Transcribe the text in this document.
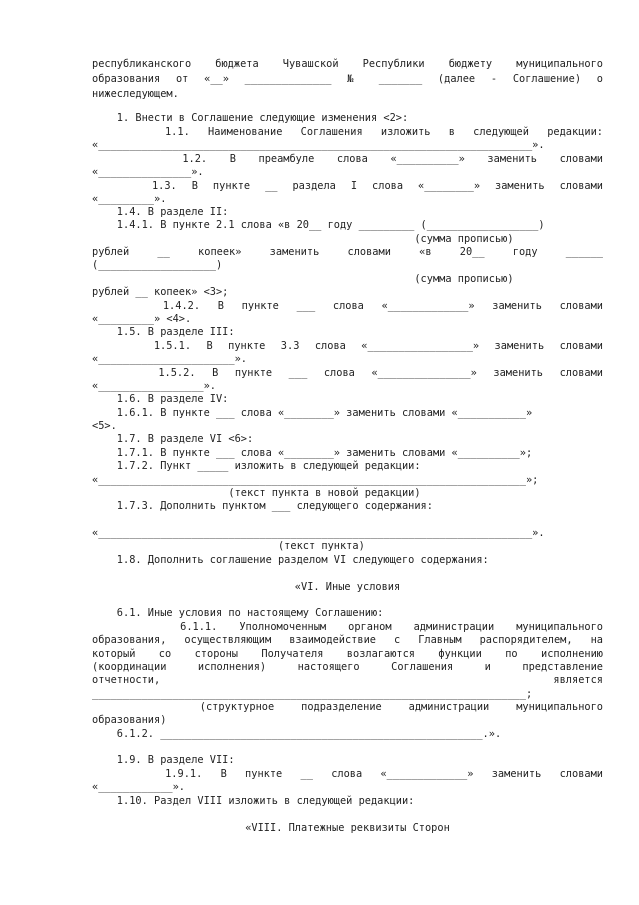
республиканского бюджета Чувашской Республики бюджету муниципального

образования от «__» ______________ № _______ (далее - Соглашение) о

нижеследующем.

1. Внести в Соглашение следующие изменения <2>:

1.1. Наименование Соглашения изложить в следующей редакции:

«______________________________________________________________________».

1.2. В преамбуле слова «__________» заменить словами

«_______________».

1.3. В пункте __ раздела I слова «________» заменить словами

«_________».

1.4. В разделе II:

1.4.1. В пункте 2.1 слова «в 20__ году _________ (__________________)

(сумма прописью)

рублей __ копеек» заменить словами «в 20__ году ______

(___________________)

(сумма прописью)

рублей __ копеек» <3>;

1.4.2. В пункте ___ слова «_____________» заменить словами

«_________» <4>.

1.5. В разделе III:

1.5.1. В пункте 3.3 слова «_________________» заменить словами

«______________________».

1.5.2. В пункте ___ слова «_______________» заменить словами

«_________________».

1.6. В разделе IV:

1.6.1. В пункте ___ слова «________» заменить словами «___________»

<5>.

1.7. В разделе VI <6>:

1.7.1. В пункте ___ слова «________» заменить словами «__________»;

1.7.2. Пункт _____ изложить в следующей редакции:

«_____________________________________________________________________»;

(текст пункта в новой редакции)

1.7.3. Дополнить пунктом ___ следующего содержания:

«______________________________________________________________________».

(текст пункта)

1.8. Дополнить соглашение разделом VI следующего содержания:

«VI. Иные условия

6.1. Иные условия по настоящему Соглашению:

6.1.1. Уполномоченным органом администрации муниципального

образования, осуществляющим взаимодействие с Главным распорядителем, на

который со стороны Получателя возлагаются функции по исполнению

(координации исполнения) настоящего Соглашения и представление

отчетности, является

______________________________________________________________________;

(структурное подразделение администрации муниципального

образования)

6.1.2. ____________________________________________________.».

1.9. В разделе VII:

1.9.1. В пункте __ слова «_____________» заменить словами

«____________».

1.10. Раздел VIII изложить в следующей редакции:

«VIII. Платежные реквизиты Сторон
